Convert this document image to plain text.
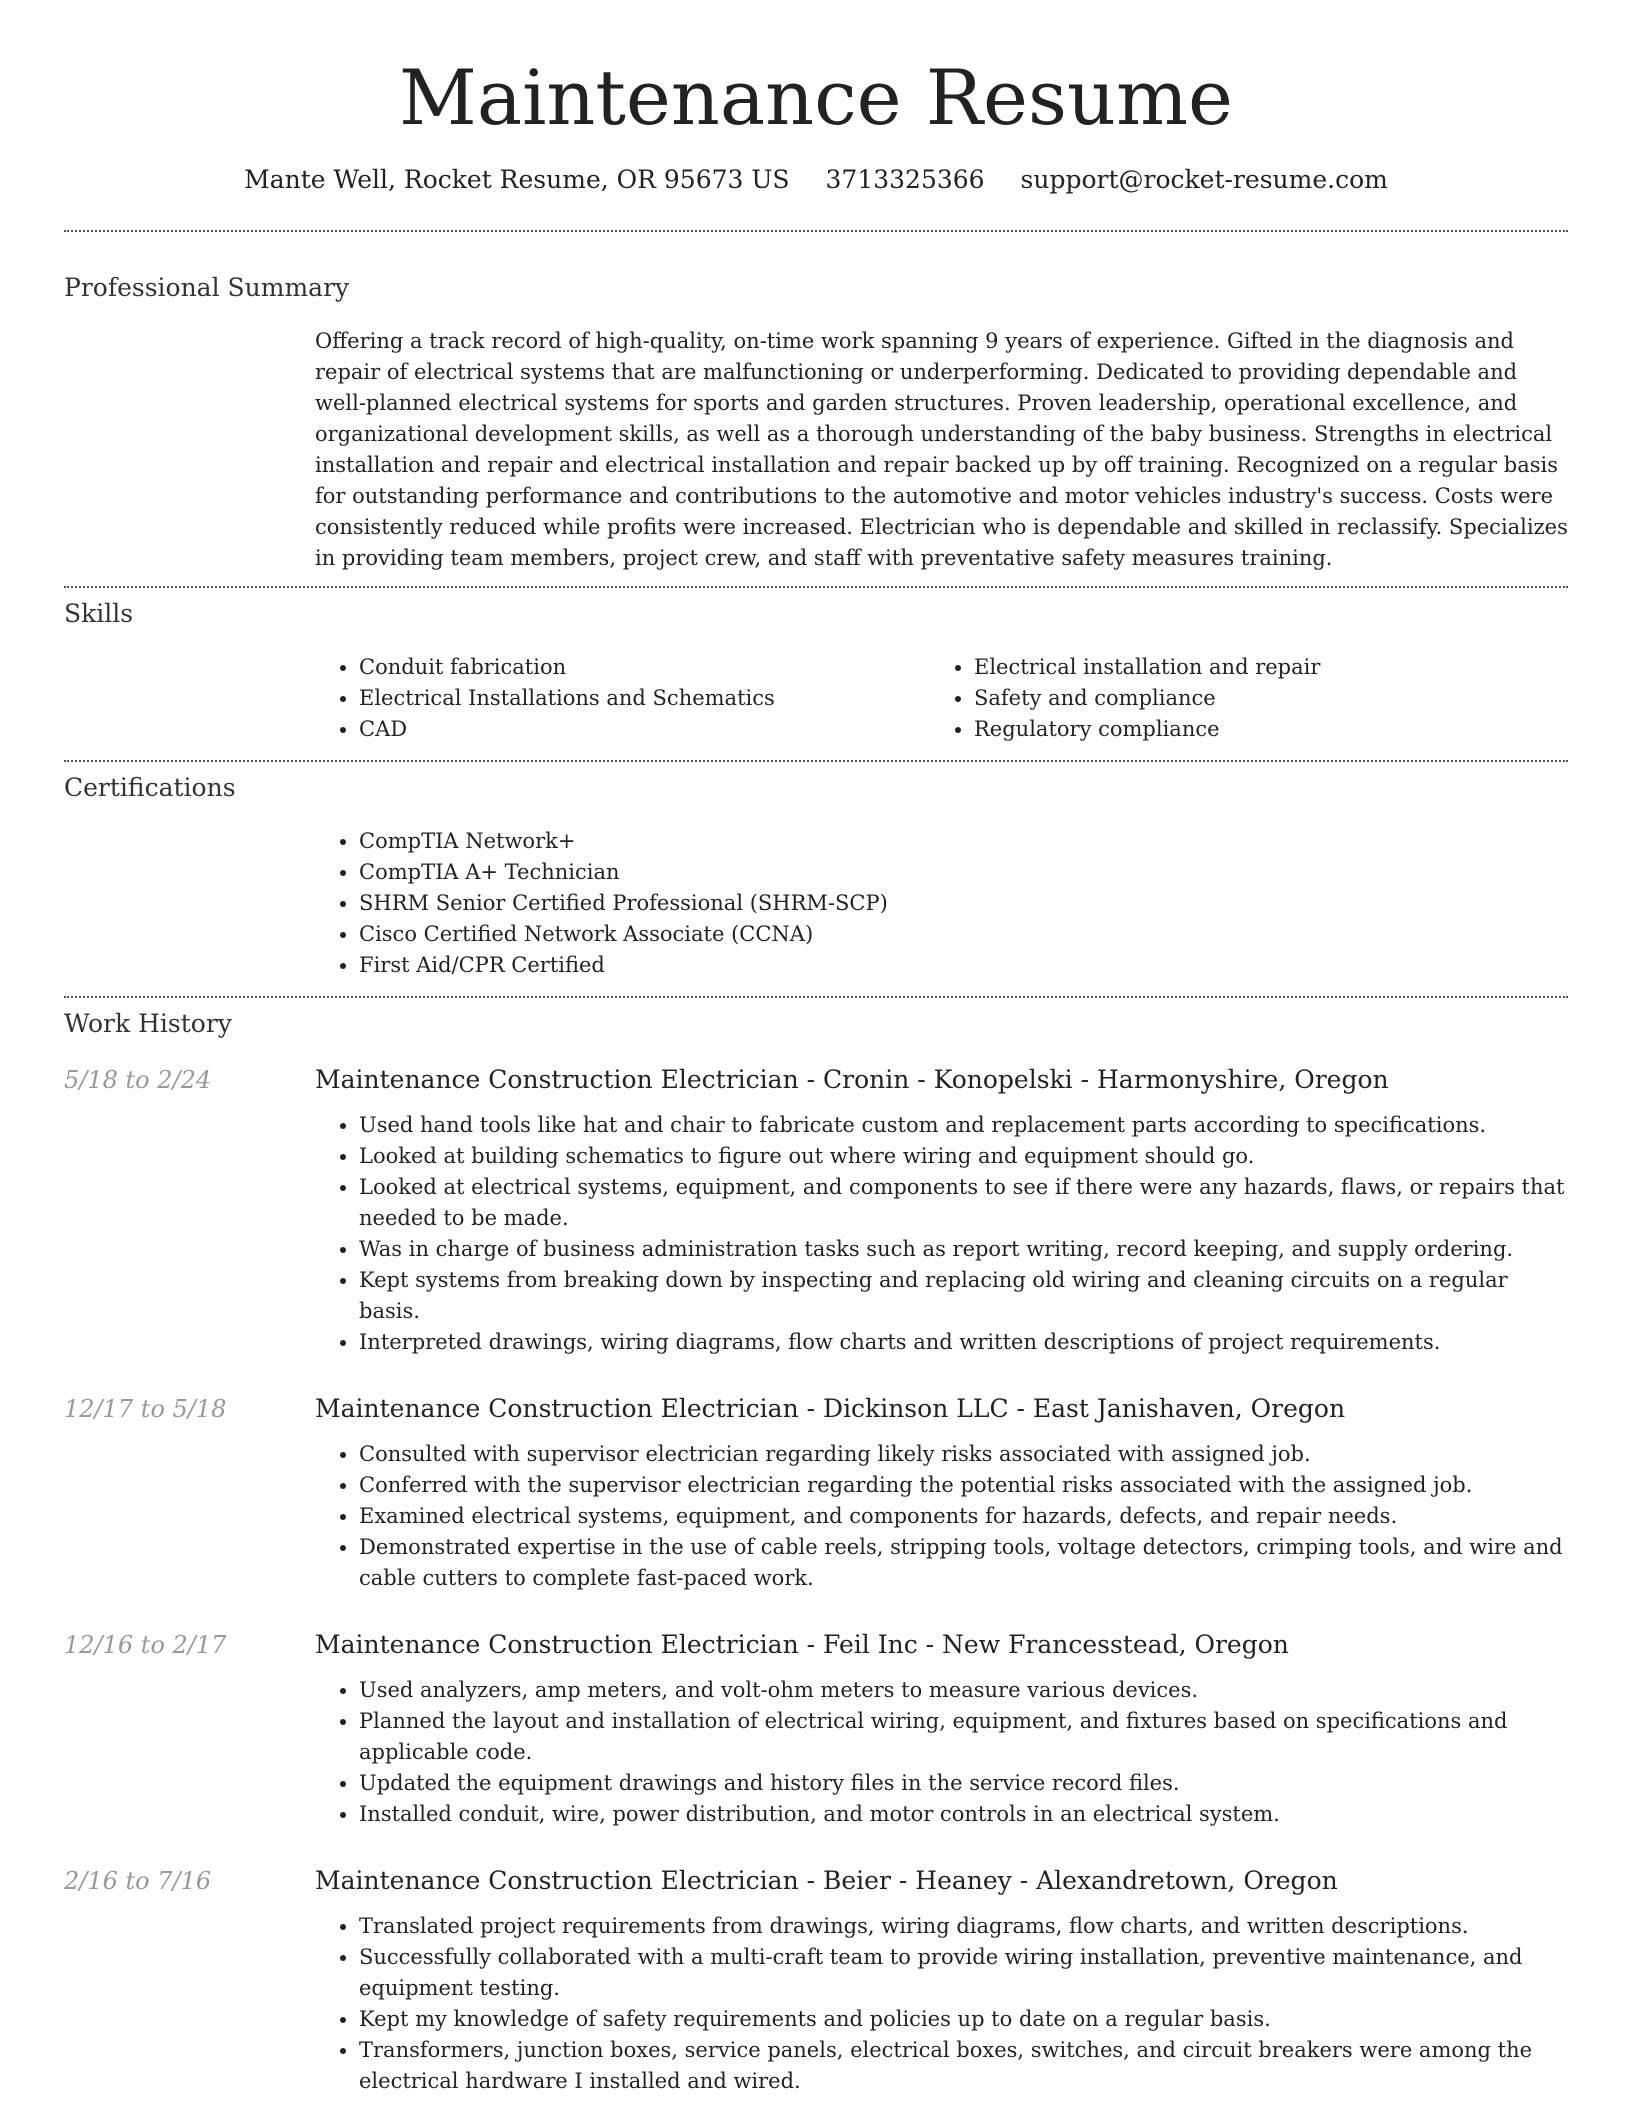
Maintenance Resume
Mante Well, Rocket Resume, OR 95673 US 3713325366 support@rocket-resume.com
Professional Summary

Offering a track record of high-quality, on-time work spanning 9 years of experience. Gifted in the diagnosis and repair of electrical systems that are malfunctioning or underperforming. Dedicated to providing dependable and well-planned electrical systems for sports and garden structures. Proven leadership, operational excellence, and organizational development skills, as well as a thorough understanding of the baby business. Strengths in electrical installation and repair and electrical installation and repair backed up by off training. Recognized on a regular basis for outstanding performance and contributions to the automotive and motor vehicles industry's success. Costs were consistently reduced while profits were increased. Electrician who is dependable and skilled in reclassify. Specializes in providing team members, project crew, and staff with preventative safety measures training.

Skills
• Conduit fabrication
• Electrical Installations and Schematics
• CAD
• Electrical installation and repair
• Safety and compliance
• Regulatory compliance
Certifications
• CompTIA Network+
• CompTIA A+ Technician
• SHRM Senior Certified Professional (SHRM-SCP)
• Cisco Certified Network Associate (CCNA)
• First Aid/CPR Certified
Work History
5/18 to 2/24	Maintenance Construction Electrician - Cronin - Konopelski - Harmonyshire, Oregon
• Used hand tools like hat and chair to fabricate custom and replacement parts according to specifications.
• Looked at building schematics to figure out where wiring and equipment should go.
• Looked at electrical systems, equipment, and components to see if there were any hazards, flaws, or repairs that needed to be made.
• Was in charge of business administration tasks such as report writing, record keeping, and supply ordering.
• Kept systems from breaking down by inspecting and replacing old wiring and cleaning circuits on a regular basis.
• Interpreted drawings, wiring diagrams, flow charts and written descriptions of project requirements.
12/17 to 5/18	Maintenance Construction Electrician - Dickinson LLC - East Janishaven, Oregon
• Consulted with supervisor electrician regarding likely risks associated with assigned job.
• Conferred with the supervisor electrician regarding the potential risks associated with the assigned job.
• Examined electrical systems, equipment, and components for hazards, defects, and repair needs.
• Demonstrated expertise in the use of cable reels, stripping tools, voltage detectors, crimping tools, and wire and cable cutters to complete fast-paced work.
12/16 to 2/17	Maintenance Construction Electrician - Feil Inc - New Francesstead, Oregon
• Used analyzers, amp meters, and volt-ohm meters to measure various devices.
• Planned the layout and installation of electrical wiring, equipment, and fixtures based on specifications and applicable code.
• Updated the equipment drawings and history files in the service record files.
• Installed conduit, wire, power distribution, and motor controls in an electrical system.
2/16 to 7/16	Maintenance Construction Electrician - Beier - Heaney - Alexandretown, Oregon
• Translated project requirements from drawings, wiring diagrams, flow charts, and written descriptions.
• Successfully collaborated with a multi-craft team to provide wiring installation, preventive maintenance, and equipment testing.
• Kept my knowledge of safety requirements and policies up to date on a regular basis.
• Transformers, junction boxes, service panels, electrical boxes, switches, and circuit breakers were among the electrical hardware I installed and wired.
